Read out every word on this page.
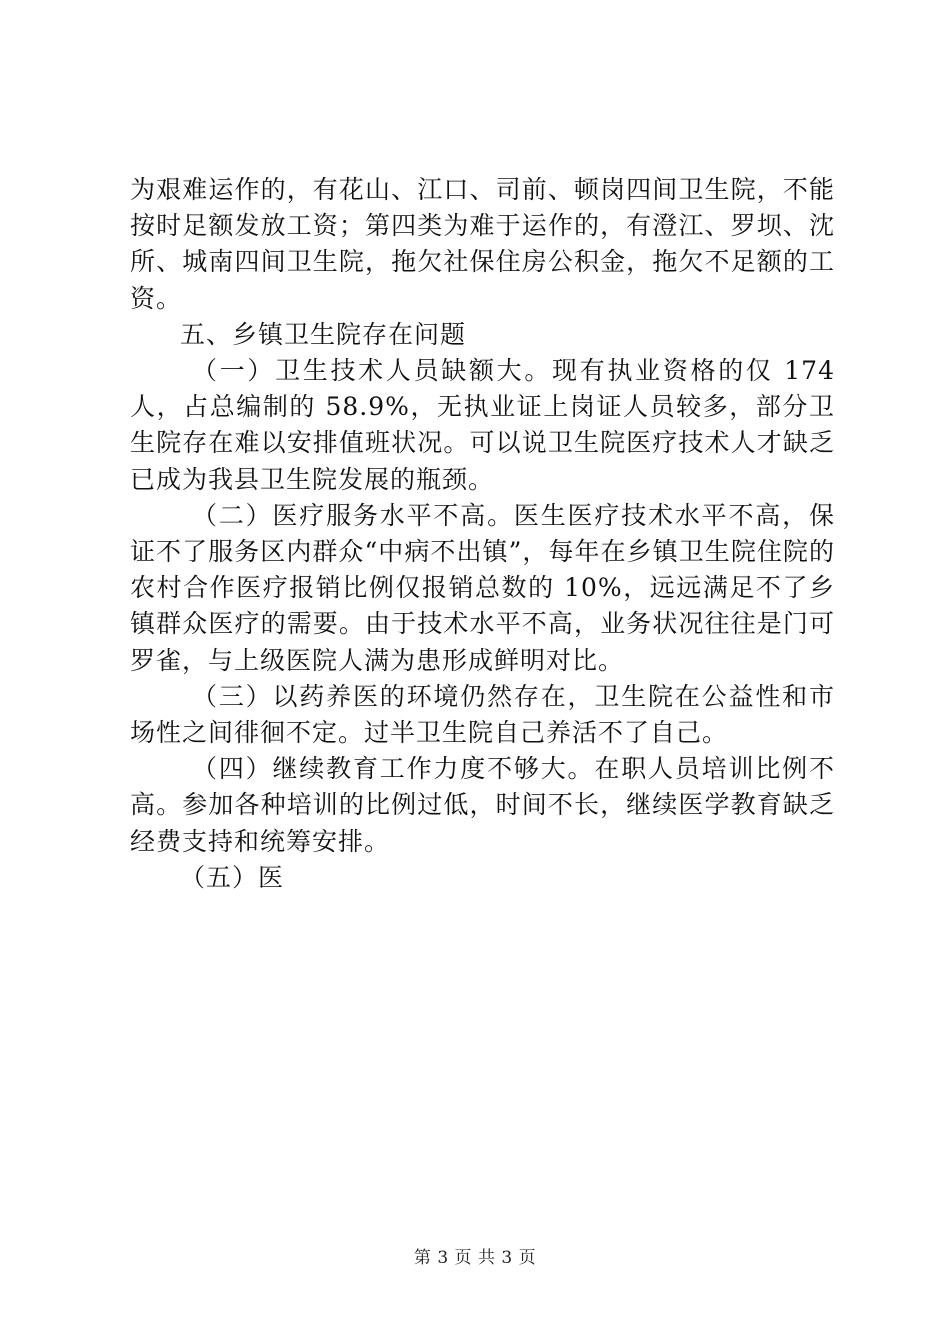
为艰难运作的，有花山、江口、司前、顿岗四间卫生院，不能按时足额发放工资；第四类为难于运作的，有澄江、罗坝、沈所、城南四间卫生院，拖欠社保住房公积金，拖欠不足额的工资。

五、乡镇卫生院存在问题

（一）卫生技术人员缺额大。现有执业资格的仅 174 人，占总编制的 58.9%，无执业证上岗证人员较多，部分卫生院存在难以安排值班状况。可以说卫生院医疗技术人才缺乏已成为我县卫生院发展的瓶颈。

（二）医疗服务水平不高。医生医疗技术水平不高，保证不了服务区内群众“中病不出镇”，每年在乡镇卫生院住院的农村合作医疗报销比例仅报销总数的 10%，远远满足不了乡镇群众医疗的需要。由于技术水平不高，业务状况往往是门可罗雀，与上级医院人满为患形成鲜明对比。

（三）以药养医的环境仍然存在，卫生院在公益性和市场性之间徘徊不定。过半卫生院自己养活不了自己。

（四）继续教育工作力度不够大。在职人员培训比例不高。参加各种培训的比例过低，时间不长，继续医学教育缺乏经费支持和统筹安排。

（五）医

第 3 页 共 3 页
